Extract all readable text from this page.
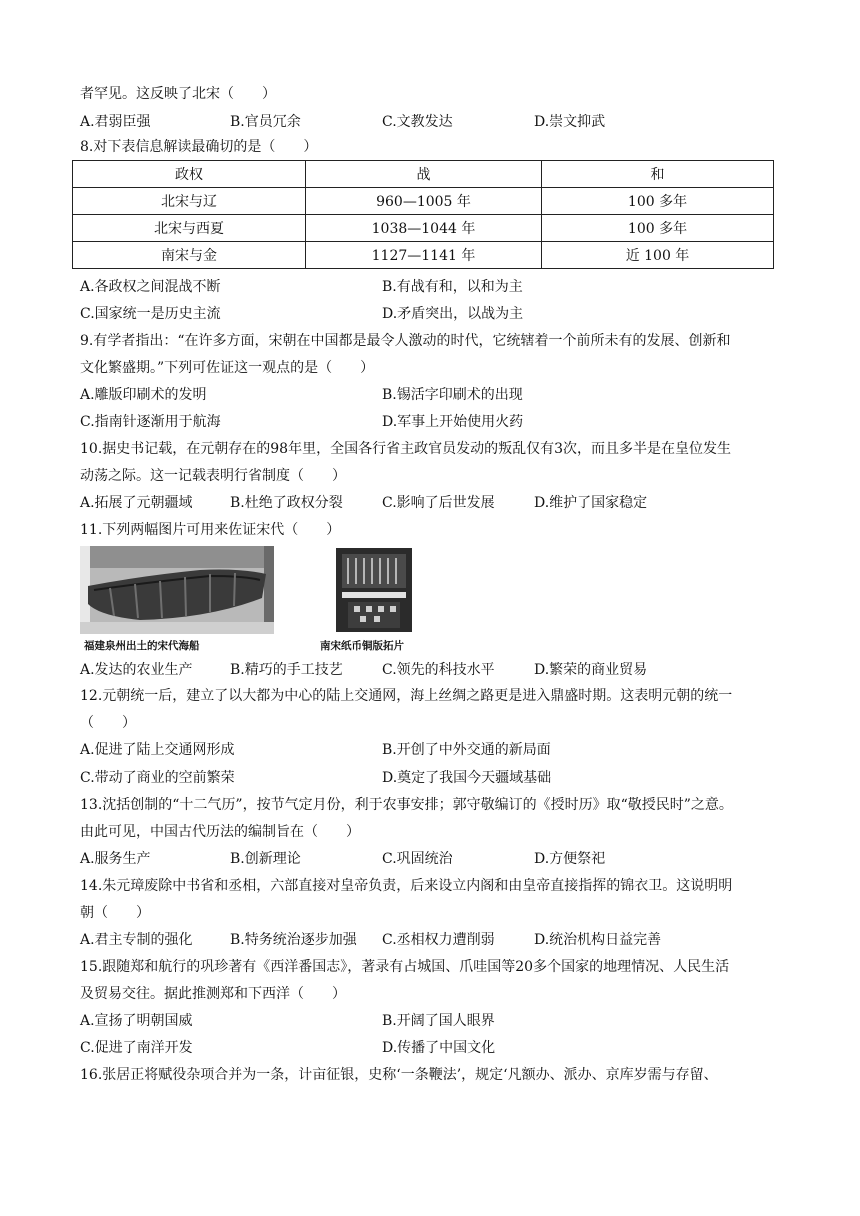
者罕见。这反映了北宋（　　）
A.君弱臣强	B.官员冗余	C.文教发达	D.崇文抑武
8.对下表信息解读最确切的是（　　）
政权	战	和
北宋与辽	960—1005 年	100 多年
北宋与西夏	1038—1044 年	100 多年
南宋与金	1127—1141 年	近 100 年
A.各政权之间混战不断	B.有战有和，以和为主
C.国家统一是历史主流	D.矛盾突出，以战为主
9.有学者指出：“在许多方面，宋朝在中国都是最令人激动的时代，它统辖着一个前所未有的发展、创新和
文化繁盛期。”下列可佐证这一观点的是（　　）
A.雕版印刷术的发明	B.锡活字印刷术的出现
C.指南针逐渐用于航海	D.军事上开始使用火药
10.据史书记载，在元朝存在的98年里，全国各行省主政官员发动的叛乱仅有3次，而且多半是在皇位发生
动荡之际。这一记载表明行省制度（　　）
A.拓展了元朝疆域	B.杜绝了政权分裂	C.影响了后世发展	D.维护了国家稳定
11.下列两幅图片可用来佐证宋代（　　）
福建泉州出土的宋代海船	南宋纸币铜版拓片
A.发达的农业生产	B.精巧的手工技艺	C.领先的科技水平	D.繁荣的商业贸易
12.元朝统一后，建立了以大都为中心的陆上交通网，海上丝绸之路更是进入鼎盛时期。这表明元朝的统一
（　　）
A.促进了陆上交通网形成	B.开创了中外交通的新局面
C.带动了商业的空前繁荣	D.奠定了我国今天疆域基础
13.沈括创制的“十二气历”，按节气定月份，利于农事安排；郭守敬编订的《授时历》取“敬授民时”之意。
由此可见，中国古代历法的编制旨在（　　）
A.服务生产	B.创新理论	C.巩固统治	D.方便祭祀
14.朱元璋废除中书省和丞相，六部直接对皇帝负责，后来设立内阁和由皇帝直接指挥的锦衣卫。这说明明
朝（　　）
A.君主专制的强化	B.特务统治逐步加强 C.丞相权力遭削弱	D.统治机构日益完善
15.跟随郑和航行的巩珍著有《西洋番国志》，著录有占城国、爪哇国等20多个国家的地理情况、人民生活
及贸易交往。据此推测郑和下西洋（　　）
A.宣扬了明朝国威	B.开阔了国人眼界
C.促进了南洋开发	D.传播了中国文化
16.张居正将赋役杂项合并为一条，计亩征银，史称‘一条鞭法’，规定‘凡额办、派办、京库岁需与存留、
